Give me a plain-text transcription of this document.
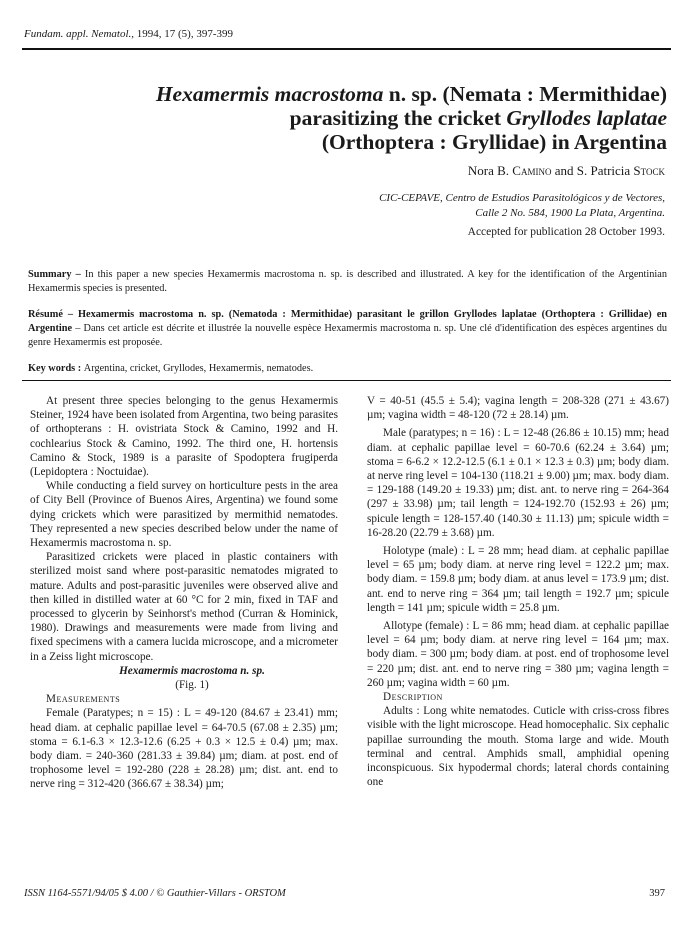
Fundam. appl. Nematol., 1994, 17 (5), 397-399
Hexamermis macrostoma n. sp. (Nemata : Mermithidae)
parasitizing the cricket Gryllodes laplatae
(Orthoptera : Gryllidae) in Argentina
Nora B. Camino and S. Patricia Stock
CIC-CEPAVE, Centro de Estudios Parasitológicos y de Vectores,
Calle 2 No. 584, 1900 La Plata, Argentina.
Accepted for publication 28 October 1993.
Summary – In this paper a new species Hexamermis macrostoma n. sp. is described and illustrated. A key for the identification of the Argentinian Hexamermis species is presented.
Résumé – Hexamermis macrostoma n. sp. (Nematoda : Mermithidae) parasitant le grillon Gryllodes laplatae (Orthoptera : Grillidae) en Argentine – Dans cet article est décrite et illustrée la nouvelle espèce Hexamermis macrostoma n. sp. Une clé d'identification des espèces argentines du genre Hexamermis est proposée.
Key words : Argentina, cricket, Gryllodes, Hexamermis, nematodes.

At present three species belonging to the genus Hexamermis Steiner, 1924 have been isolated from Argentina, two being parasites of orthopterans : H. ovistriata Stock & Camino, 1992 and H. cochlearius Stock & Camino, 1992. The third one, H. hortensis Camino & Stock, 1989 is a parasite of Spodoptera frugiperda (Lepidoptera : Noctuidae).

While conducting a field survey on horticulture pests in the area of City Bell (Province of Buenos Aires, Argentina) we found some dying crickets which were parasitized by mermithid nematodes. They represented a new species described below under the name of Hexamermis macrostoma n. sp.

Parasitized crickets were placed in plastic containers with sterilized moist sand where post-parasitic nematodes migrated to mature. Adults and post-parasitic juveniles were observed alive and then killed in distilled water at 60 °C for 2 min, fixed in TAF and processed to glycerin by Seinhorst's method (Curran & Hominick, 1980). Drawings and measurements were made from living and fixed specimens with a camera lucida microscope, and a micrometer in a Zeiss light microscope.

Hexamermis macrostoma n. sp.

(Fig. 1)

Measurements

Female (Paratypes; n = 15) : L = 49-120 (84.67 ± 23.41) mm; head diam. at cephalic papillae level = 64-70.5 (67.08 ± 2.35) µm; stoma = 6.1-6.3 × 12.3-12.6 (6.25 + 0.3 × 12.5 ± 0.4) µm; max. body diam. = 240-360 (281.33 ± 39.84) µm; diam. at post. end of trophosome level = 192-280 (228 ± 28.28) µm; dist. ant. end to nerve ring = 312-420 (366.67 ± 38.34) µm;

V = 40-51 (45.5 ± 5.4); vagina length = 208-328 (271 ± 43.67) µm; vagina width = 48-120 (72 ± 28.14) µm.

Male (paratypes; n = 16) : L = 12-48 (26.86 ± 10.15) mm; head diam. at cephalic papillae level = 60-70.6 (62.24 ± 3.64) µm; stoma = 6-6.2 × 12.2-12.5 (6.1 ± 0.1 × 12.3 ± 0.3) µm; body diam. at nerve ring level = 104-130 (118.21 ± 9.00) µm; max. body diam. = 129-188 (149.20 ± 19.33) µm; dist. ant. to nerve ring = 264-364 (297 ± 33.98) µm; tail length = 124-192.70 (152.93 ± 26) µm; spicule length = 128-157.40 (140.30 ± 11.13) µm; spicule width = 16-28.20 (22.79 ± 3.68) µm.

Holotype (male) : L = 28 mm; head diam. at cephalic papillae level = 65 µm; body diam. at nerve ring level = 122.2 µm; max. body diam. = 159.8 µm; body diam. at anus level = 173.9 µm; dist. ant. end to nerve ring = 364 µm; tail length = 192.7 µm; spicule length = 141 µm; spicule width = 25.8 µm.

Allotype (female) : L = 86 mm; head diam. at cephalic papillae level = 64 µm; body diam. at nerve ring level = 164 µm; max. body diam. = 300 µm; body diam. at post. end of trophosome level = 220 µm; dist. ant. end to nerve ring = 380 µm; vagina length = 260 µm; vagina width = 60 µm.

Description

Adults : Long white nematodes. Cuticle with criss-cross fibres visible with the light microscope. Head homocephalic. Six cephalic papillae surrounding the mouth. Stoma large and wide. Mouth terminal and central. Amphids small, amphidial opening inconspicuous. Six hypodermal chords; lateral chords containing one

ISSN 1164-5571/94/05 $ 4.00 / © Gauthier-Villars - ORSTOM	397
